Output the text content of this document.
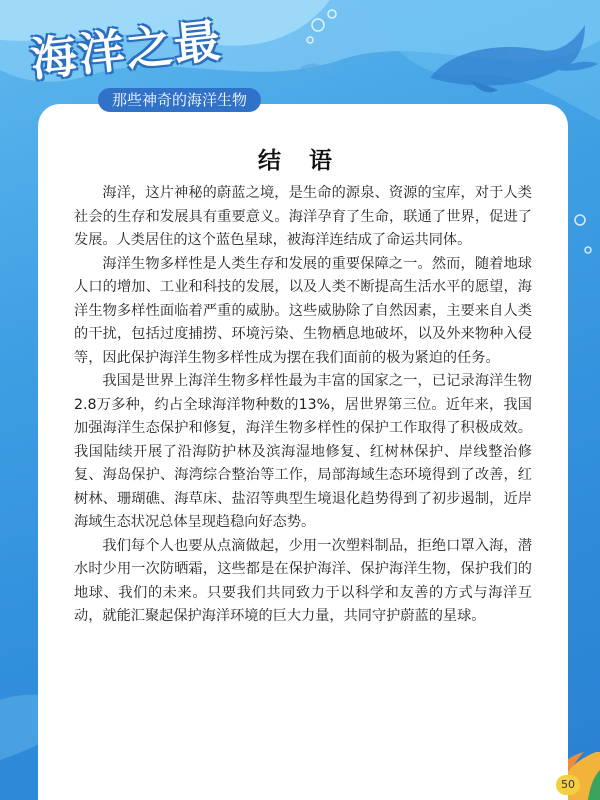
海洋之最
那些神奇的海洋生物
结 语

海洋，这片神秘的蔚蓝之境，是生命的源泉、资源的宝库，对于人类社会的生存和发展具有重要意义。海洋孕育了生命，联通了世界，促进了发展。人类居住的这个蓝色星球，被海洋连结成了命运共同体。

海洋生物多样性是人类生存和发展的重要保障之一。然而，随着地球人口的增加、工业和科技的发展，以及人类不断提高生活水平的愿望，海洋生物多样性面临着严重的威胁。这些威胁除了自然因素，主要来自人类的干扰，包括过度捕捞、环境污染、生物栖息地破坏，以及外来物种入侵等，因此保护海洋生物多样性成为摆在我们面前的极为紧迫的任务。

我国是世界上海洋生物多样性最为丰富的国家之一，已记录海洋生物2.8万多种，约占全球海洋物种数的13%，居世界第三位。近年来，我国加强海洋生态保护和修复，海洋生物多样性的保护工作取得了积极成效。我国陆续开展了沿海防护林及滨海湿地修复、红树林保护、岸线整治修复、海岛保护、海湾综合整治等工作，局部海域生态环境得到了改善，红树林、珊瑚礁、海草床、盐沼等典型生境退化趋势得到了初步遏制，近岸海域生态状况总体呈现趋稳向好态势。

我们每个人也要从点滴做起，少用一次塑料制品，拒绝口罩入海，潜水时少用一次防晒霜，这些都是在保护海洋、保护海洋生物，保护我们的地球、我们的未来。只要我们共同致力于以科学和友善的方式与海洋互动，就能汇聚起保护海洋环境的巨大力量，共同守护蔚蓝的星球。

50
